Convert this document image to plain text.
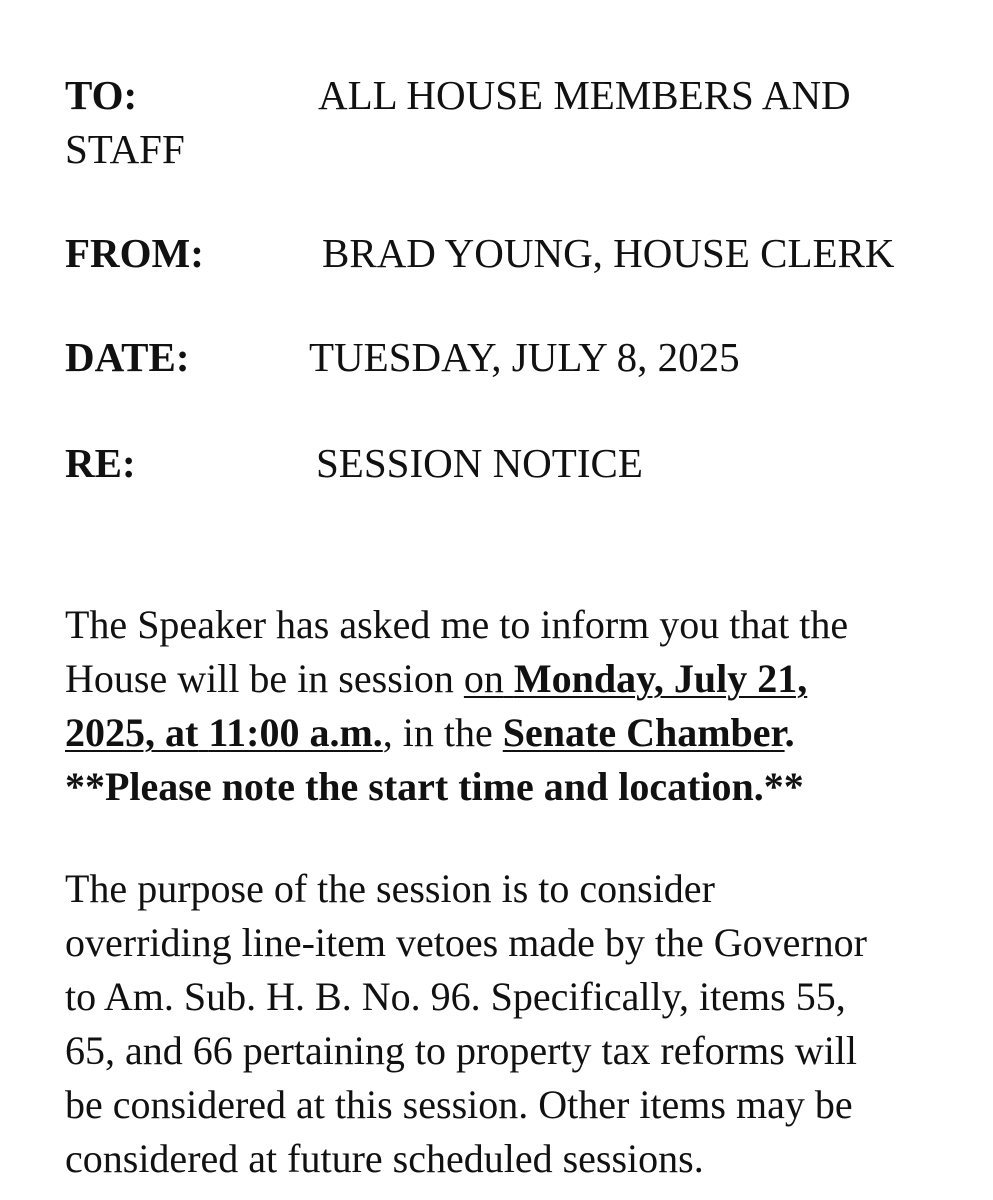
TO:	ALL HOUSE MEMBERS AND
STAFF
FROM:	BRAD YOUNG, HOUSE CLERK
DATE:	TUESDAY, JULY 8, 2025
RE:	SESSION NOTICE
The Speaker has asked me to inform you that the
House will be in session on Monday, July 21,
2025, at 11:00 a.m., in the Senate Chamber.
**Please note the start time and location.**
The purpose of the session is to consider
overriding line-item vetoes made by the Governor
to Am. Sub. H. B. No. 96. Specifically, items 55,
65, and 66 pertaining to property tax reforms will
be considered at this session. Other items may be
considered at future scheduled sessions.
